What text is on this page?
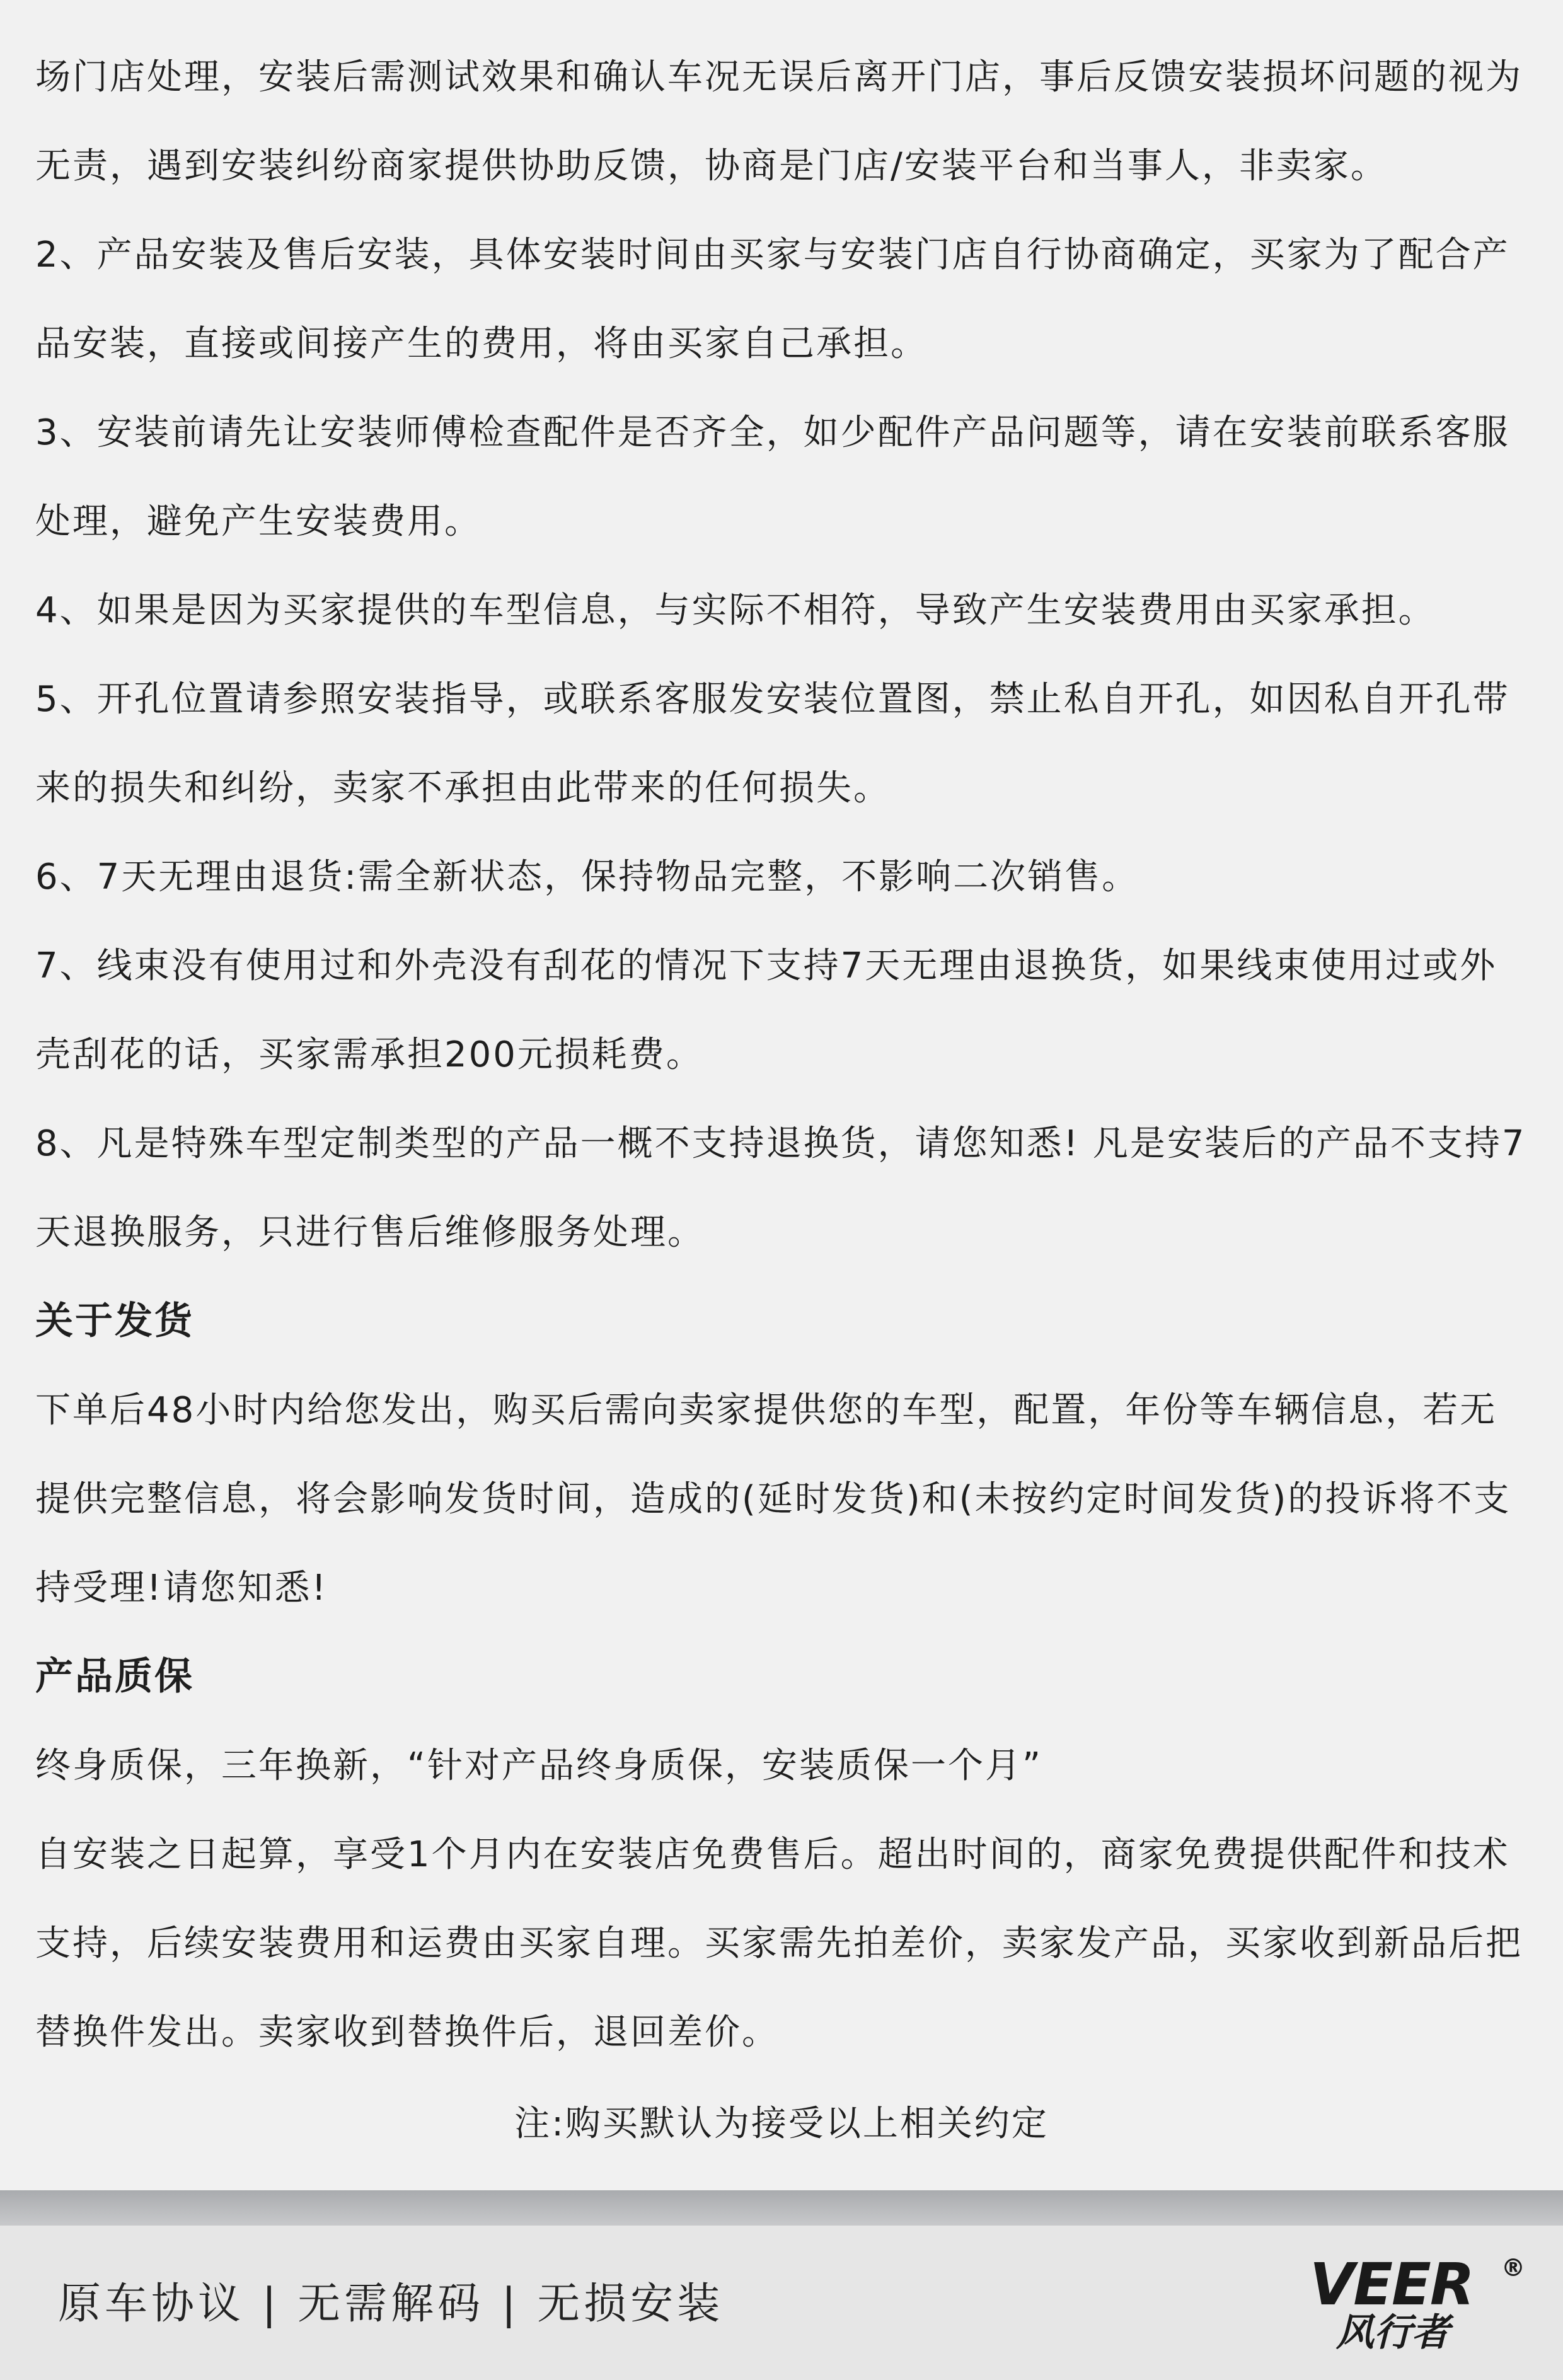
场门店处理，安装后需测试效果和确认车况无误后离开门店，事后反馈安装损坏问题的视为无责，遇到安装纠纷商家提供协助反馈，协商是门店/安装平台和当事人，非卖家。

2、产品安装及售后安装，具体安装时间由买家与安装门店自行协商确定，买家为了配合产品安装，直接或间接产生的费用，将由买家自己承担。

3、安装前请先让安装师傅检查配件是否齐全，如少配件产品问题等，请在安装前联系客服处理，避免产生安装费用。

4、如果是因为买家提供的车型信息，与实际不相符，导致产生安装费用由买家承担。

5、开孔位置请参照安装指导，或联系客服发安装位置图，禁止私自开孔，如因私自开孔带来的损失和纠纷，卖家不承担由此带来的任何损失。

6、7天无理由退货:需全新状态，保持物品完整，不影响二次销售。

7、线束没有使用过和外壳没有刮花的情况下支持7天无理由退换货，如果线束使用过或外壳刮花的话，买家需承担200元损耗费。

8、凡是特殊车型定制类型的产品一概不支持退换货，请您知悉! 凡是安装后的产品不支持7天退换服务，只进行售后维修服务处理。

关于发货

下单后48小时内给您发出，购买后需向卖家提供您的车型，配置，年份等车辆信息，若无提供完整信息，将会影响发货时间，造成的(延时发货)和(未按约定时间发货)的投诉将不支持受理!请您知悉!

产品质保

终身质保，三年换新，“针对产品终身质保，安装质保一个月”

自安装之日起算，享受1个月内在安装店免费售后。超出时间的，商家免费提供配件和技术支持，后续安装费用和运费由买家自理。买家需先拍差价，卖家发产品，买家收到新品后把替换件发出。卖家收到替换件后，退回差价。

注:购买默认为接受以上相关约定
原车协议 | 无需解码 | 无损安装	VEER ®
风行者
